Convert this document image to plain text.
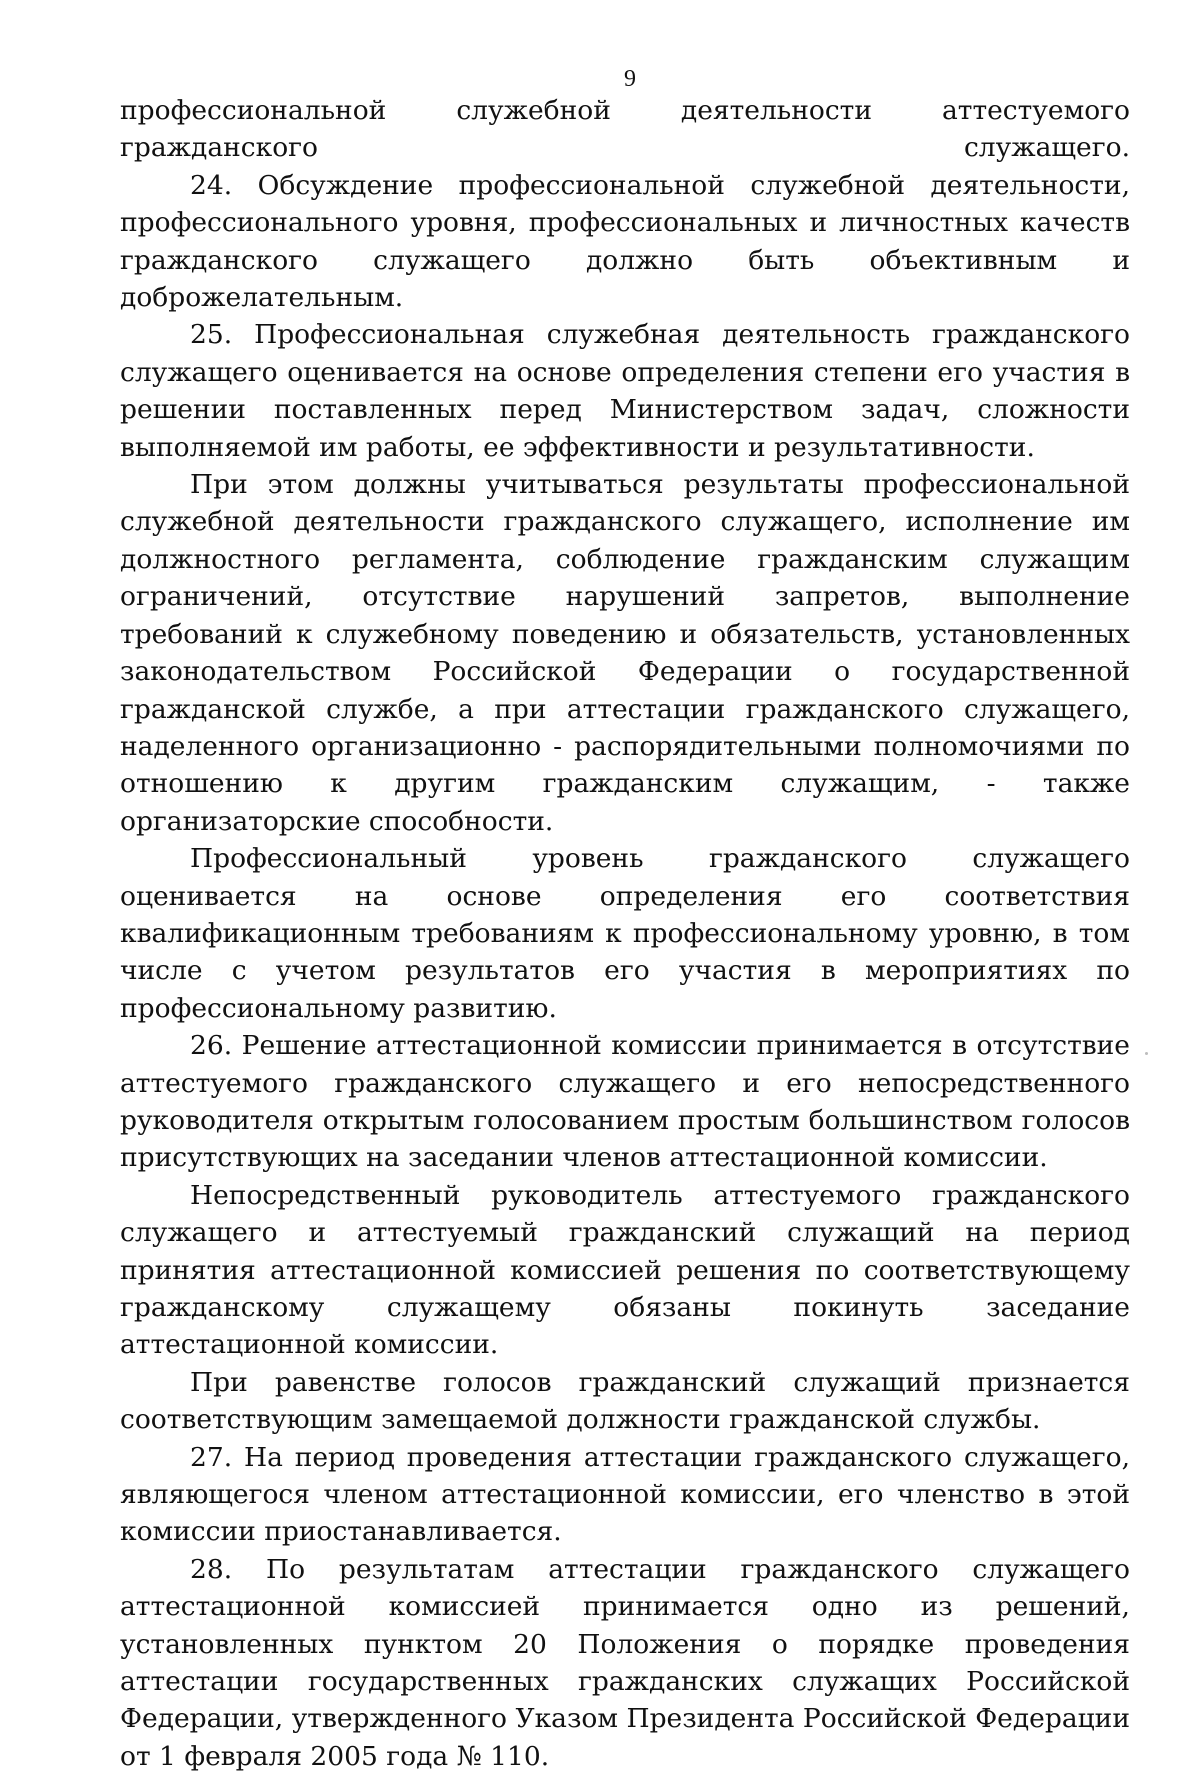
9

профессиональной служебной деятельности аттестуемого гражданского служащего.

24. Обсуждение профессиональной служебной деятельности, профессионального уровня, профессиональных и личностных качеств гражданского служащего должно быть объективным и доброжелательным.

25. Профессиональная служебная деятельность гражданского служащего оценивается на основе определения степени его участия в решении поставленных перед Министерством задач, сложности выполняемой им работы, ее эффективности и результативности.

При этом должны учитываться результаты профессиональной служебной деятельности гражданского служащего, исполнение им должностного регламента, соблюдение гражданским служащим ограничений, отсутствие нарушений запретов, выполнение требований к служебному поведению и обязательств, установленных законодательством Российской Федерации о государственной гражданской службе, а при аттестации гражданского служащего, наделенного организационно - распорядительными полномочиями по отношению к другим гражданским служащим, - также организаторские способности.

Профессиональный уровень гражданского служащего оценивается на основе определения его соответствия квалификационным требованиям к профессиональному уровню, в том числе с учетом результатов его участия в мероприятиях по профессиональному развитию.

26. Решение аттестационной комиссии принимается в отсутствие аттестуемого гражданского служащего и его непосредственного руководителя открытым голосованием простым большинством голосов присутствующих на заседании членов аттестационной комиссии.

Непосредственный руководитель аттестуемого гражданского служащего и аттестуемый гражданский служащий на период принятия аттестационной комиссией решения по соответствующему гражданскому служащему обязаны покинуть заседание аттестационной комиссии.

При равенстве голосов гражданский служащий признается соответствующим замещаемой должности гражданской службы.

27. На период проведения аттестации гражданского служащего, являющегося членом аттестационной комиссии, его членство в этой комиссии приостанавливается.

28. По результатам аттестации гражданского служащего аттестационной комиссией принимается одно из решений, установленных пунктом 20 Положения о порядке проведения аттестации государственных гражданских служащих Российской Федерации, утвержденного Указом Президента Российской Федерации от 1 февраля 2005 года № 110.
